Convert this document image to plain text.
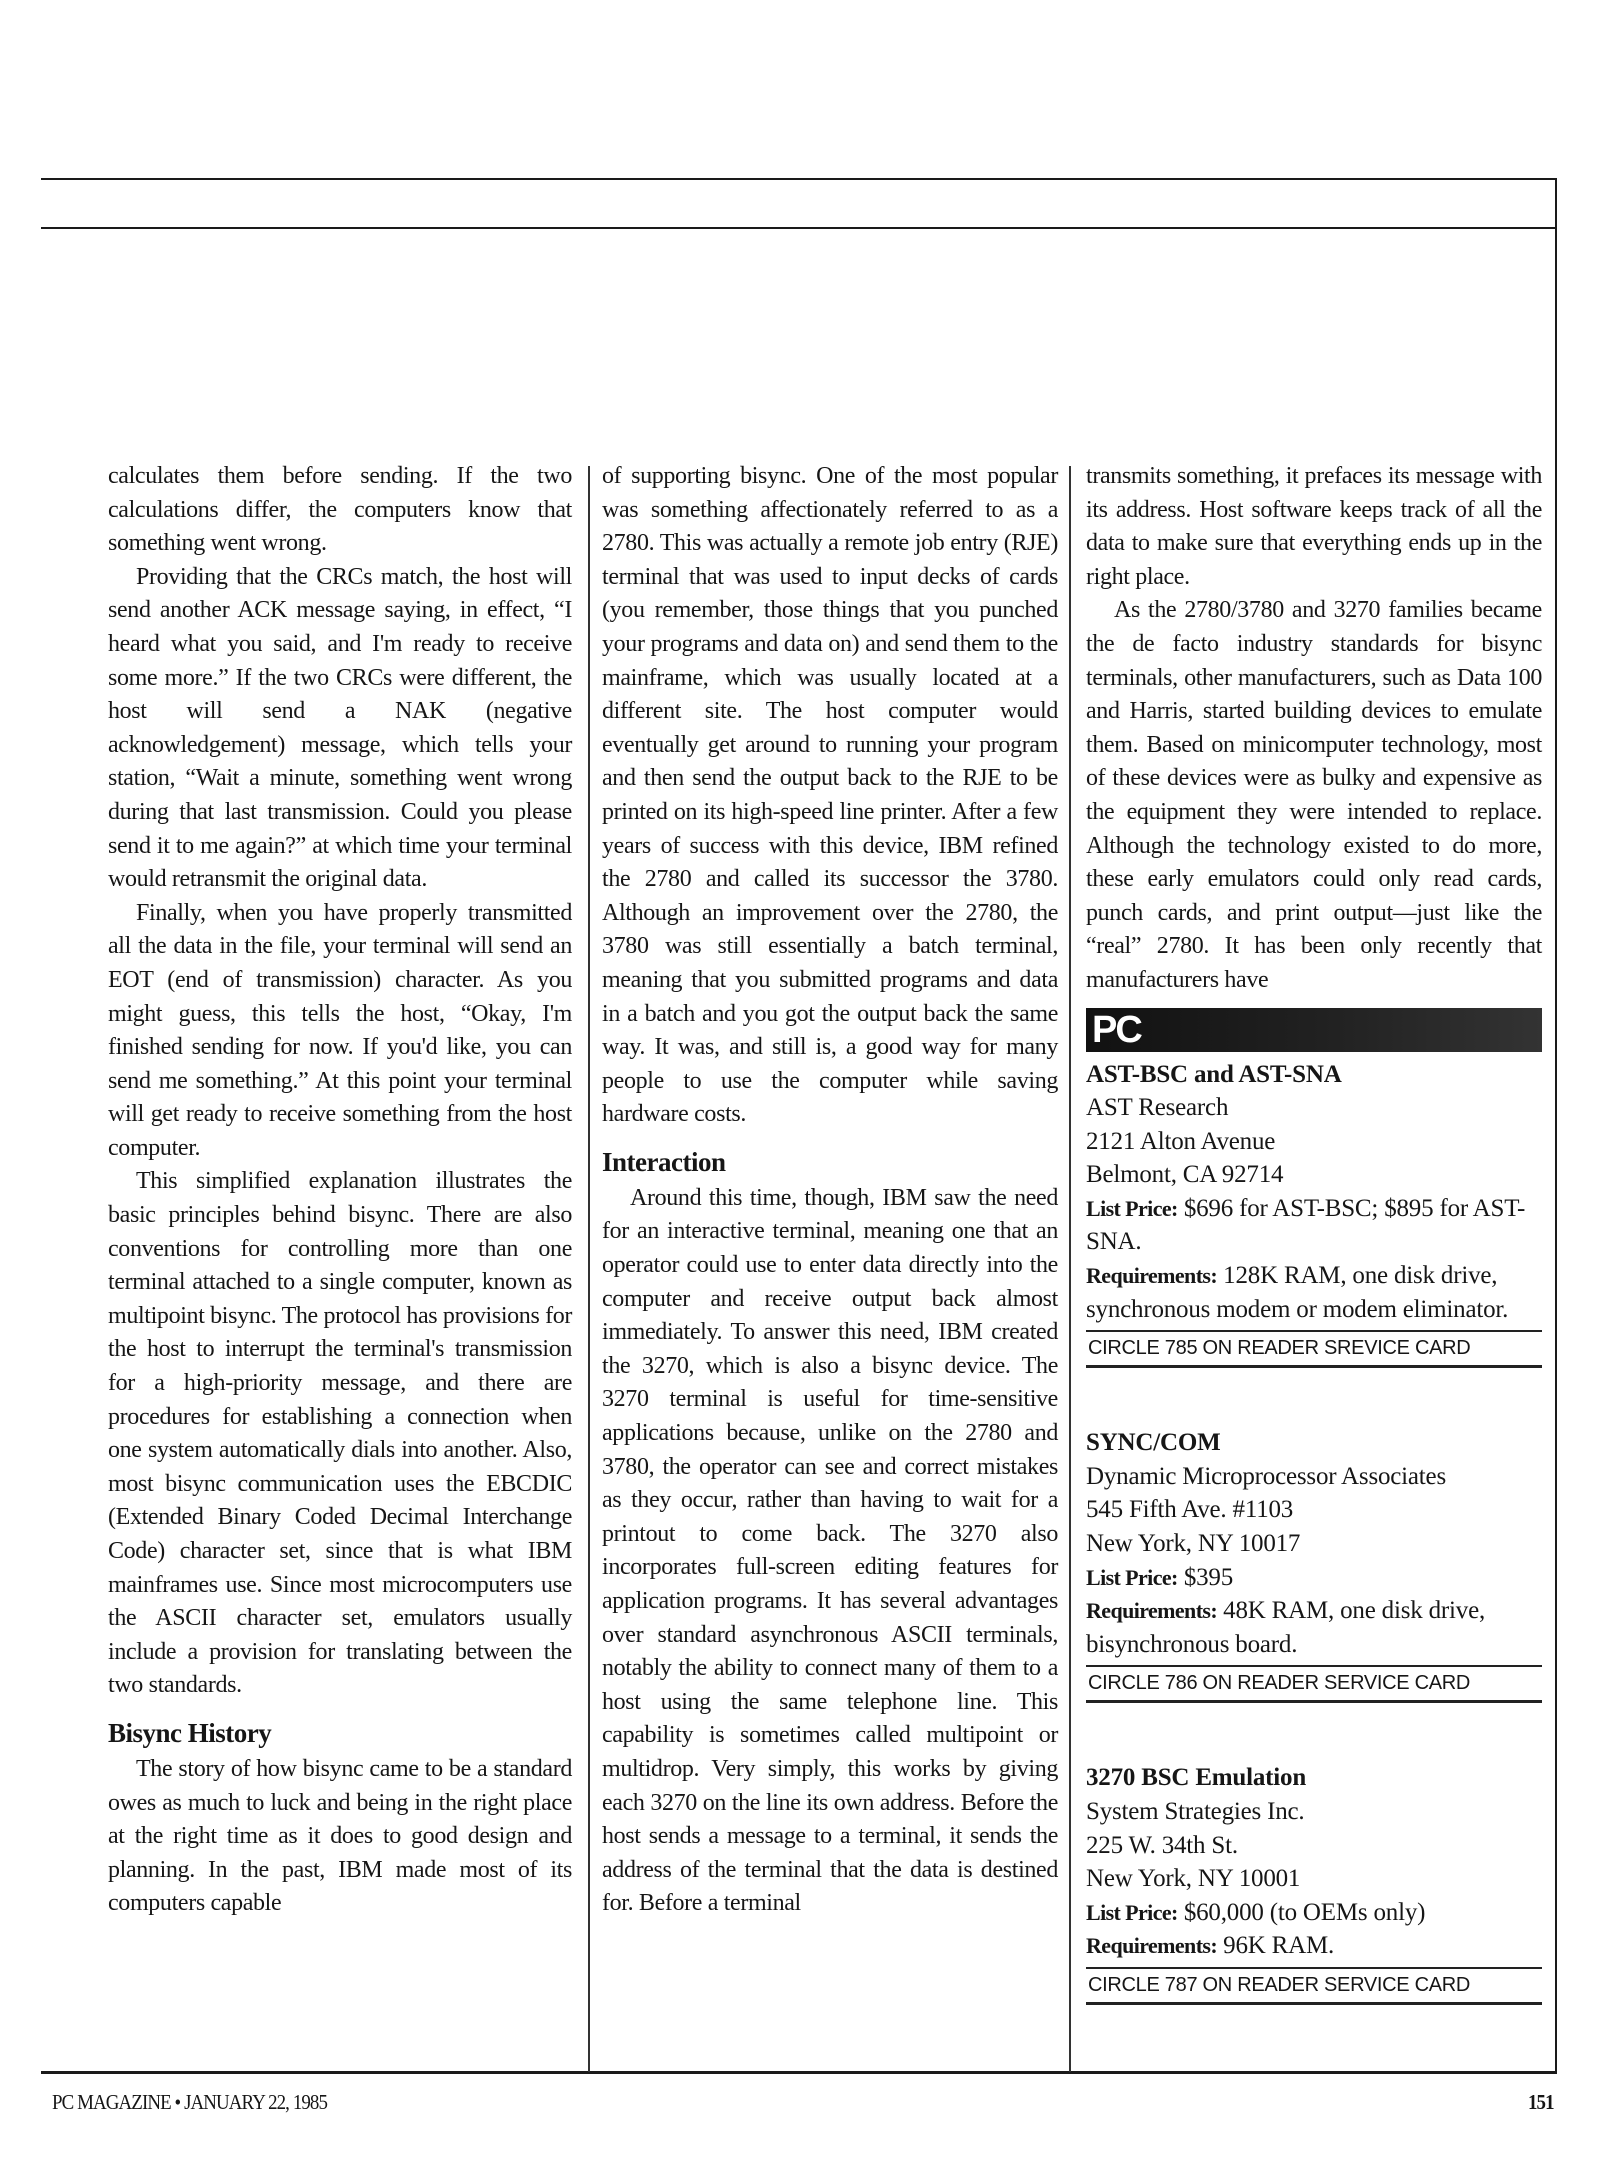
calculates them before sending. If the two calculations differ, the computers know that something went wrong.

Providing that the CRCs match, the host will send another ACK message saying, in effect, “I heard what you said, and I'm ready to receive some more.” If the two CRCs were different, the host will send a NAK (negative acknowledgement) message, which tells your station, “Wait a minute, something went wrong during that last transmission. Could you please send it to me again?” at which time your terminal would retransmit the original data.

Finally, when you have properly transmitted all the data in the file, your terminal will send an EOT (end of transmission) character. As you might guess, this tells the host, “Okay, I'm finished sending for now. If you'd like, you can send me something.” At this point your terminal will get ready to receive something from the host computer.

This simplified explanation illustrates the basic principles behind bisync. There are also conventions for controlling more than one terminal attached to a single computer, known as multipoint bisync. The protocol has provisions for the host to interrupt the terminal's transmission for a high-priority message, and there are procedures for establishing a connection when one system automatically dials into another. Also, most bisync communication uses the EBCDIC (Extended Binary Coded Decimal Interchange Code) character set, since that is what IBM mainframes use. Since most microcomputers use the ASCII character set, emulators usually include a provision for translating between the two standards.

Bisync History

The story of how bisync came to be a standard owes as much to luck and being in the right place at the right time as it does to good design and planning. In the past, IBM made most of its computers capable

of supporting bisync. One of the most popular was something affectionately referred to as a 2780. This was actually a remote job entry (RJE) terminal that was used to input decks of cards (you remember, those things that you punched your programs and data on) and send them to the mainframe, which was usually located at a different site. The host computer would eventually get around to running your program and then send the output back to the RJE to be printed on its high-speed line printer. After a few years of success with this device, IBM refined the 2780 and called its successor the 3780. Although an improvement over the 2780, the 3780 was still essentially a batch terminal, meaning that you submitted programs and data in a batch and you got the output back the same way. It was, and still is, a good way for many people to use the computer while saving hardware costs.

Interaction

Around this time, though, IBM saw the need for an interactive terminal, meaning one that an operator could use to enter data directly into the computer and receive output back almost immediately. To answer this need, IBM created the 3270, which is also a bisync device. The 3270 terminal is useful for time-sensitive applications because, unlike on the 2780 and 3780, the operator can see and correct mistakes as they occur, rather than having to wait for a printout to come back. The 3270 also incorporates full-screen editing features for application programs. It has several advantages over standard asynchronous ASCII terminals, notably the ability to connect many of them to a host using the same telephone line. This capability is sometimes called multipoint or multidrop. Very simply, this works by giving each 3270 on the line its own address. Before the host sends a message to a terminal, it sends the address of the terminal that the data is destined for. Before a terminal

transmits something, it prefaces its message with its address. Host software keeps track of all the data to make sure that everything ends up in the right place.

As the 2780/3780 and 3270 families became the de facto industry standards for bisync terminals, other manufacturers, such as Data 100 and Harris, started building devices to emulate them. Based on minicomputer technology, most of these devices were as bulky and expensive as the equipment they were intended to replace. Although the technology existed to do more, these early emulators could only read cards, punch cards, and print output—just like the “real” 2780. It has been only recently that manufacturers have

PC
AST-BSC and AST-SNA
AST Research
2121 Alton Avenue
Belmont, CA 92714
List Price: $696 for AST-BSC; $895 for AST-SNA.
Requirements: 128K RAM, one disk drive, synchronous modem or modem eliminator.
CIRCLE 785 ON READER SREVICE CARD
SYNC/COM
Dynamic Microprocessor Associates
545 Fifth Ave. #1103
New York, NY 10017
List Price: $395
Requirements: 48K RAM, one disk drive, bisynchronous board.
CIRCLE 786 ON READER SERVICE CARD
3270 BSC Emulation
System Strategies Inc.
225 W. 34th St.
New York, NY 10001
List Price: $60,000 (to OEMs only)
Requirements: 96K RAM.
CIRCLE 787 ON READER SERVICE CARD
PC MAGAZINE • JANUARY 22, 1985	151
